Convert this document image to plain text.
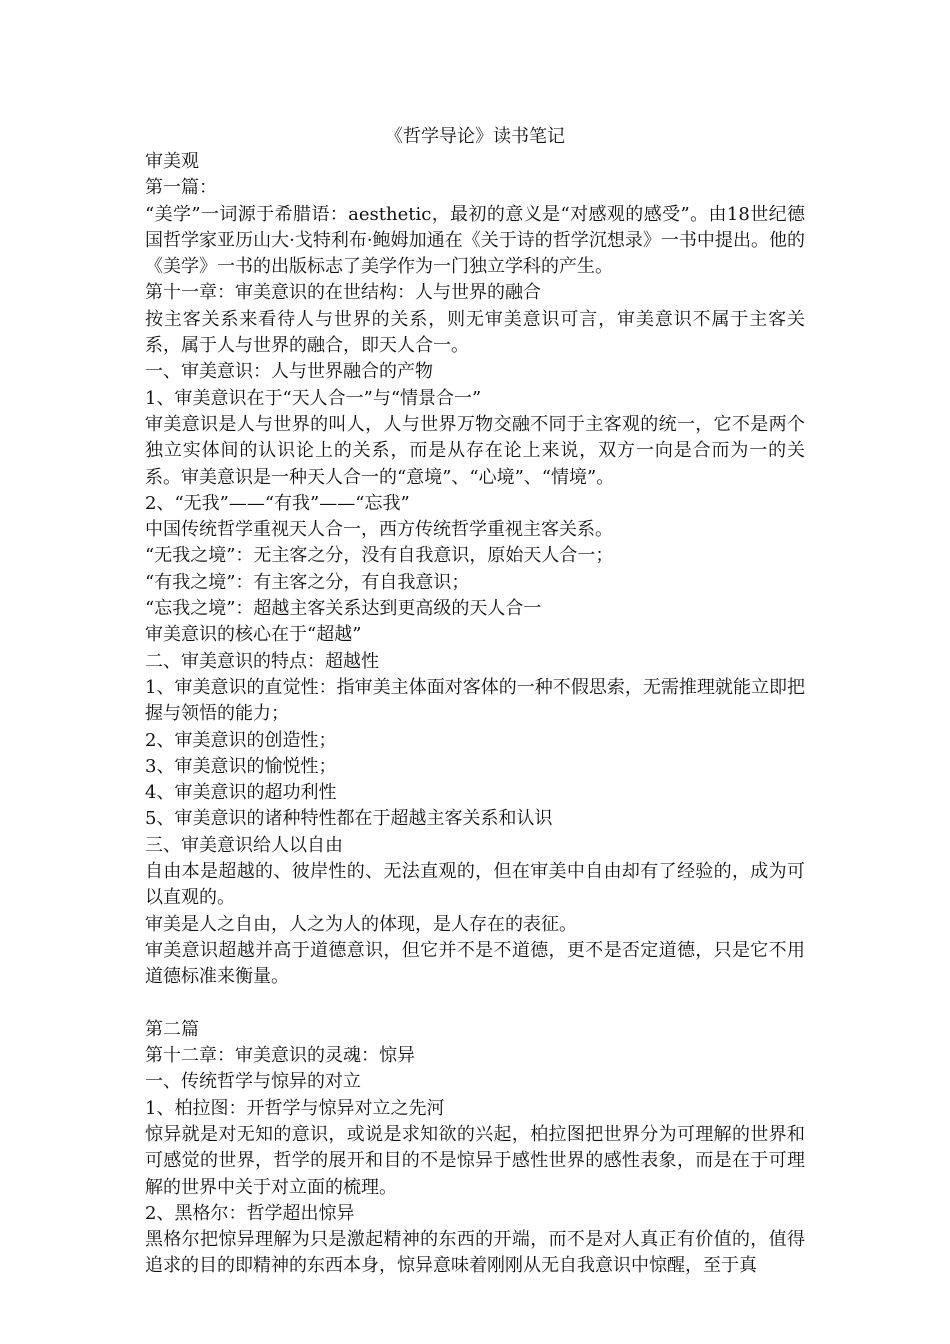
《哲学导论》读书笔记

审美观

第一篇：

“美学”一词源于希腊语：aesthetic，最初的意义是“对感观的感受”。由18世纪德国哲学家亚历山大·戈特利布·鲍姆加通在《关于诗的哲学沉想录》一书中提出。他的《美学》一书的出版标志了美学作为一门独立学科的产生。

第十一章：审美意识的在世结构：人与世界的融合

按主客关系来看待人与世界的关系，则无审美意识可言，审美意识不属于主客关系，属于人与世界的融合，即天人合一。

一、审美意识：人与世界融合的产物

1、审美意识在于“天人合一”与“情景合一”

审美意识是人与世界的叫人，人与世界万物交融不同于主客观的统一，它不是两个独立实体间的认识论上的关系，而是从存在论上来说，双方一向是合而为一的关系。审美意识是一种天人合一的“意境”、“心境”、“情境”。

2、“无我”——“有我”——“忘我”

中国传统哲学重视天人合一，西方传统哲学重视主客关系。

“无我之境”：无主客之分，没有自我意识，原始天人合一；

“有我之境”：有主客之分，有自我意识；

“忘我之境”：超越主客关系达到更高级的天人合一

审美意识的核心在于“超越”

二、审美意识的特点：超越性

1、审美意识的直觉性：指审美主体面对客体的一种不假思索，无需推理就能立即把握与领悟的能力；

2、审美意识的创造性；

3、审美意识的愉悦性；

4、审美意识的超功利性

5、审美意识的诸种特性都在于超越主客关系和认识

三、审美意识给人以自由

自由本是超越的、彼岸性的、无法直观的，但在审美中自由却有了经验的，成为可以直观的。

审美是人之自由，人之为人的体现，是人存在的表征。

审美意识超越并高于道德意识，但它并不是不道德，更不是否定道德，只是它不用道德标准来衡量。

第二篇

第十二章：审美意识的灵魂：惊异

一、传统哲学与惊异的对立

1、柏拉图：开哲学与惊异对立之先河

惊异就是对无知的意识，或说是求知欲的兴起，柏拉图把世界分为可理解的世界和可感觉的世界，哲学的展开和目的不是惊异于感性世界的感性表象，而是在于可理解的世界中关于对立面的梳理。

2、黑格尔：哲学超出惊异

黑格尔把惊异理解为只是激起精神的东西的开端，而不是对人真正有价值的，值得追求的目的即精神的东西本身，惊异意味着刚刚从无自我意识中惊醒，至于真
